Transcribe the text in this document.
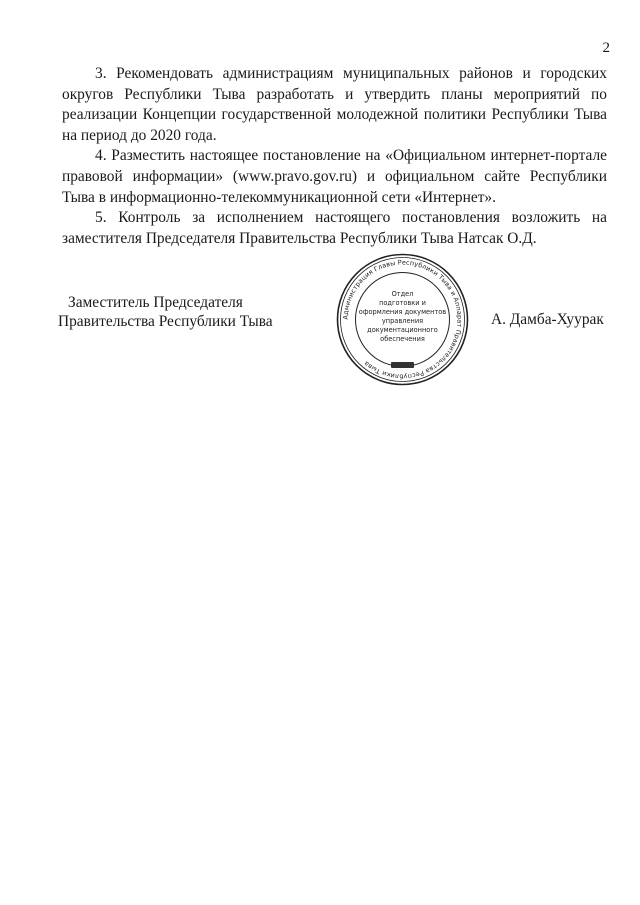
2

3. Рекомендовать администрациям муниципальных районов и городских округов Республики Тыва разработать и утвердить планы мероприятий по реализации Концепции государственной молодежной политики Республики Тыва на период до 2020 года.

4. Разместить настоящее постановление на «Официальном интернет-портале правовой информации» (www.pravo.gov.ru) и официальном сайте Республики Тыва в информационно-телекоммуникационной сети «Интернет».

5. Контроль за исполнением настоящего постановления возложить на заместителя Председателя Правительства Республики Тыва Натсак О.Д.

Заместитель Председателя
Правительства Республики Тыва	Администрация Главы Республики Тыва и Аппарат Правительства Республики Тыва
Отдел
подготовки и
оформления документов
управления
документационного
обеспечения
А. Дамба-Хуурак
